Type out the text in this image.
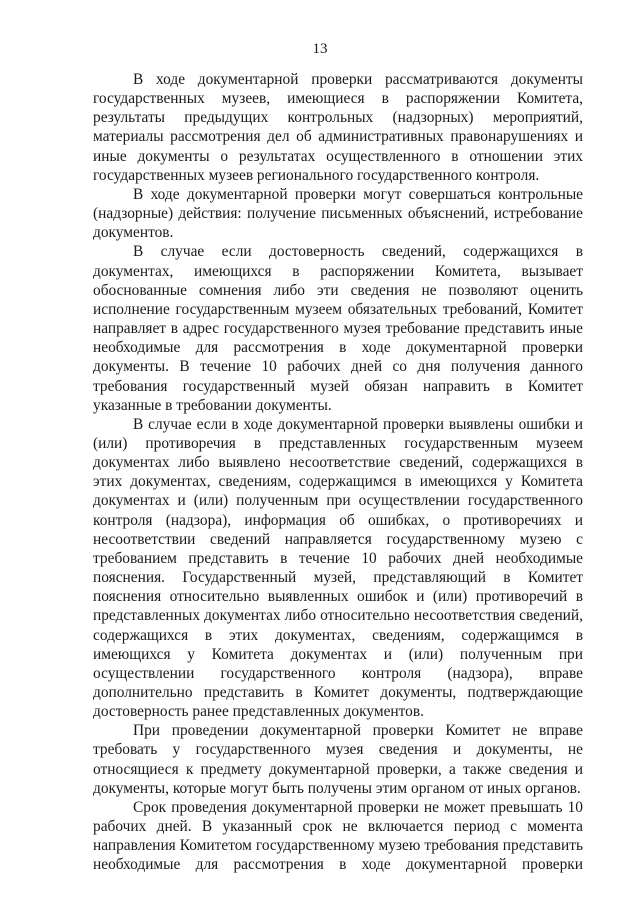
13

В ходе документарной проверки рассматриваются документы государственных музеев, имеющиеся в распоряжении Комитета, результаты предыдущих контрольных (надзорных) мероприятий, материалы рассмотрения дел об административных правонарушениях и иные документы о результатах осуществленного в отношении этих государственных музеев регионального государственного контроля.

В ходе документарной проверки могут совершаться контрольные (надзорные) действия: получение письменных объяснений, истребование документов.

В случае если достоверность сведений, содержащихся в документах, имеющихся в распоряжении Комитета, вызывает обоснованные сомнения либо эти сведения не позволяют оценить исполнение государственным музеем обязательных требований, Комитет направляет в адрес государственного музея требование представить иные необходимые для рассмотрения в ходе документарной проверки документы. В течение 10 рабочих дней со дня получения данного требования государственный музей обязан направить в Комитет указанные в требовании документы.

В случае если в ходе документарной проверки выявлены ошибки и (или) противоречия в представленных государственным музеем документах либо выявлено несоответствие сведений, содержащихся в этих документах, сведениям, содержащимся в имеющихся у Комитета документах и (или) полученным при осуществлении государственного контроля (надзора), информация об ошибках, о противоречиях и несоответствии сведений направляется государственному музею с требованием представить в течение 10 рабочих дней необходимые пояснения. Государственный музей, представляющий в Комитет пояснения относительно выявленных ошибок и (или) противоречий в представленных документах либо относительно несоответствия сведений, содержащихся в этих документах, сведениям, содержащимся в имеющихся у Комитета документах и (или) полученным при осуществлении государственного контроля (надзора), вправе дополнительно представить в Комитет документы, подтверждающие достоверность ранее представленных документов.

При проведении документарной проверки Комитет не вправе требовать у государственного музея сведения и документы, не относящиеся к предмету документарной проверки, а также сведения и документы, которые могут быть получены этим органом от иных органов.

Срок проведения документарной проверки не может превышать 10 рабочих дней. В указанный срок не включается период с момента направления Комитетом государственному музею требования представить необходимые для рассмотрения в ходе документарной проверки
